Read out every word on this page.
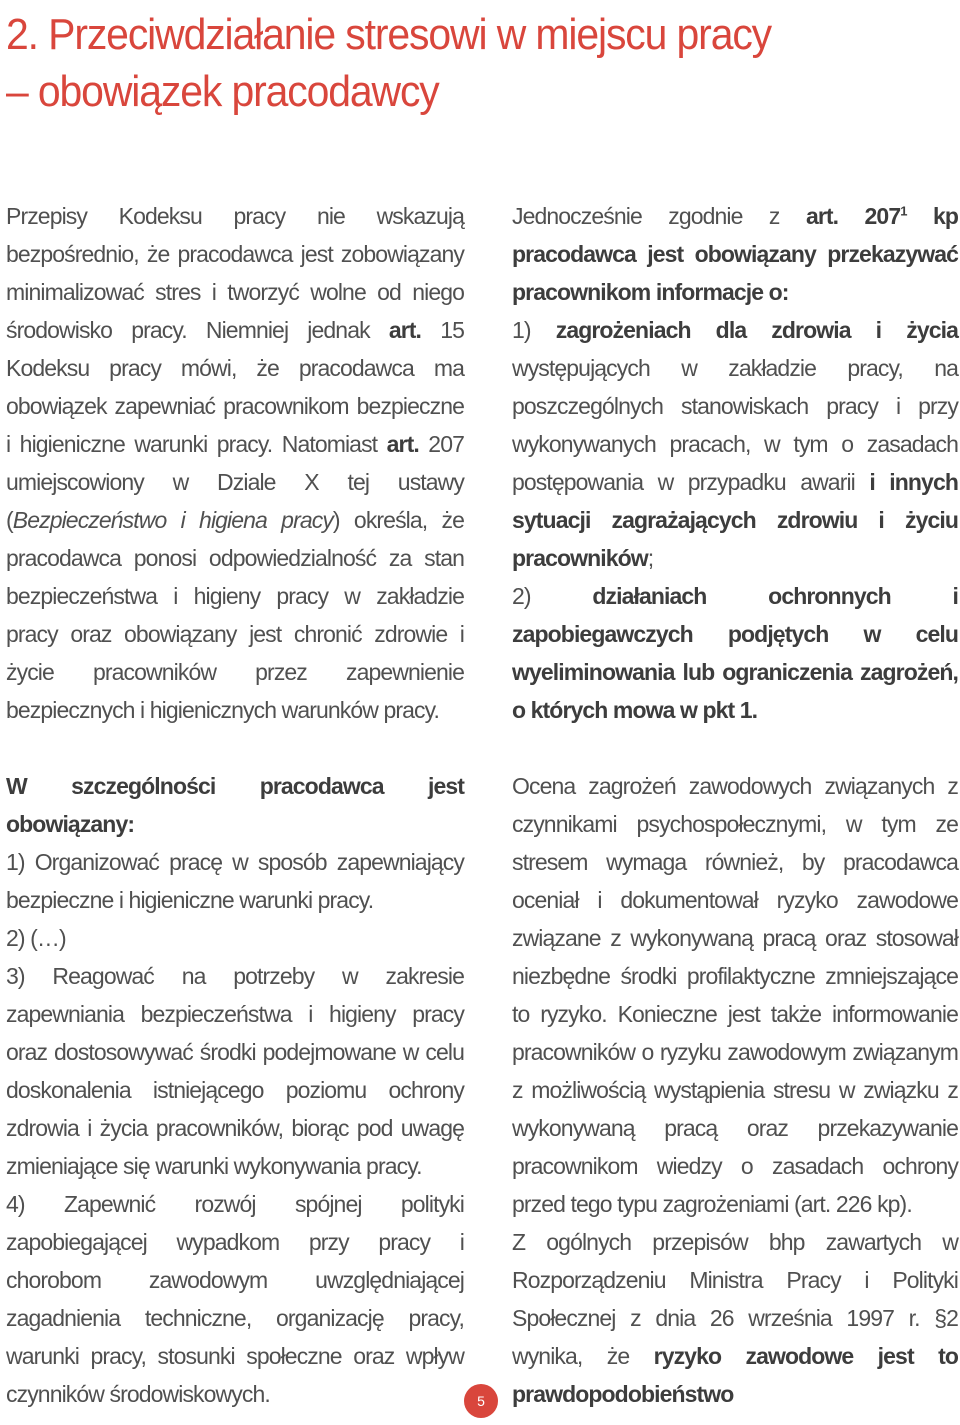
2. Przeciwdziałanie stresowi w miejscu pracy
– obowiązek pracodawcy

Przepisy Kodeksu pracy nie wskazują bezpośrednio, że pracodawca jest zobowiązany minimalizować stres i tworzyć wolne od niego środowisko pracy. Niemniej jednak art. 15 Kodeksu pracy mówi, że pracodawca ma obowiązek zapewniać pracownikom bezpieczne i higieniczne warunki pracy. Natomiast art. 207 umiejscowiony w Dziale X tej ustawy (Bezpieczeństwo i higiena pracy) określa, że pracodawca ponosi odpowiedzialność za stan bezpieczeństwa i higieny pracy w zakładzie pracy oraz obowiązany jest chronić zdrowie i życie pracowników przez zapewnienie bezpiecznych i higienicznych warunków pracy.

W szczególności pracodawca jest obowiązany:

1) Organizować pracę w sposób zapewniający bezpieczne i higieniczne warunki pracy.

2) (…)

3) Reagować na potrzeby w zakresie zapewniania bezpieczeństwa i higieny pracy oraz dostosowywać środki podejmowane w celu doskonalenia istniejącego poziomu ochrony zdrowia i życia pracowników, biorąc pod uwagę zmieniające się warunki wykonywania pracy.

4) Zapewnić rozwój spójnej polityki zapobiegającej wypadkom przy pracy i chorobom zawodowym uwzględniającej zagadnienia techniczne, organizację pracy, warunki pracy, stosunki społeczne oraz wpływ czynników środowiskowych.

Jednocześnie zgodnie z art. $207^1$ kp pracodawca jest obowiązany przekazywać pracownikom informacje o:

1) zagrożeniach dla zdrowia i życia występujących w zakładzie pracy, na poszczególnych stanowiskach pracy i przy wykonywanych pracach, w tym o zasadach postępowania w przypadku awarii i innych sytuacji zagrażających zdrowiu i życiu pracowników;

2) działaniach ochronnych i zapobiegawczych podjętych w celu wyeliminowania lub ograniczenia zagrożeń, o których mowa w pkt 1.

Ocena zagrożeń zawodowych związanych z czynnikami psychospołecznymi, w tym ze stresem wymaga również, by pracodawca oceniał i dokumentował ryzyko zawodowe związane z wykonywaną pracą oraz stosował niezbędne środki profilaktyczne zmniejszające to ryzyko. Konieczne jest także informowanie pracowników o ryzyku zawodowym związanym z możliwością wystąpienia stresu w związku z wykonywaną pracą oraz przekazywanie pracownikom wiedzy o zasadach ochrony przed tego typu zagrożeniami (art. 226 kp).

Z ogólnych przepisów bhp zawartych w Rozporządzeniu Ministra Pracy i Polityki Społecznej z dnia 26 września 1997 r. §2 wynika, że ryzyko zawodowe jest to prawdopodobieństwo

5
